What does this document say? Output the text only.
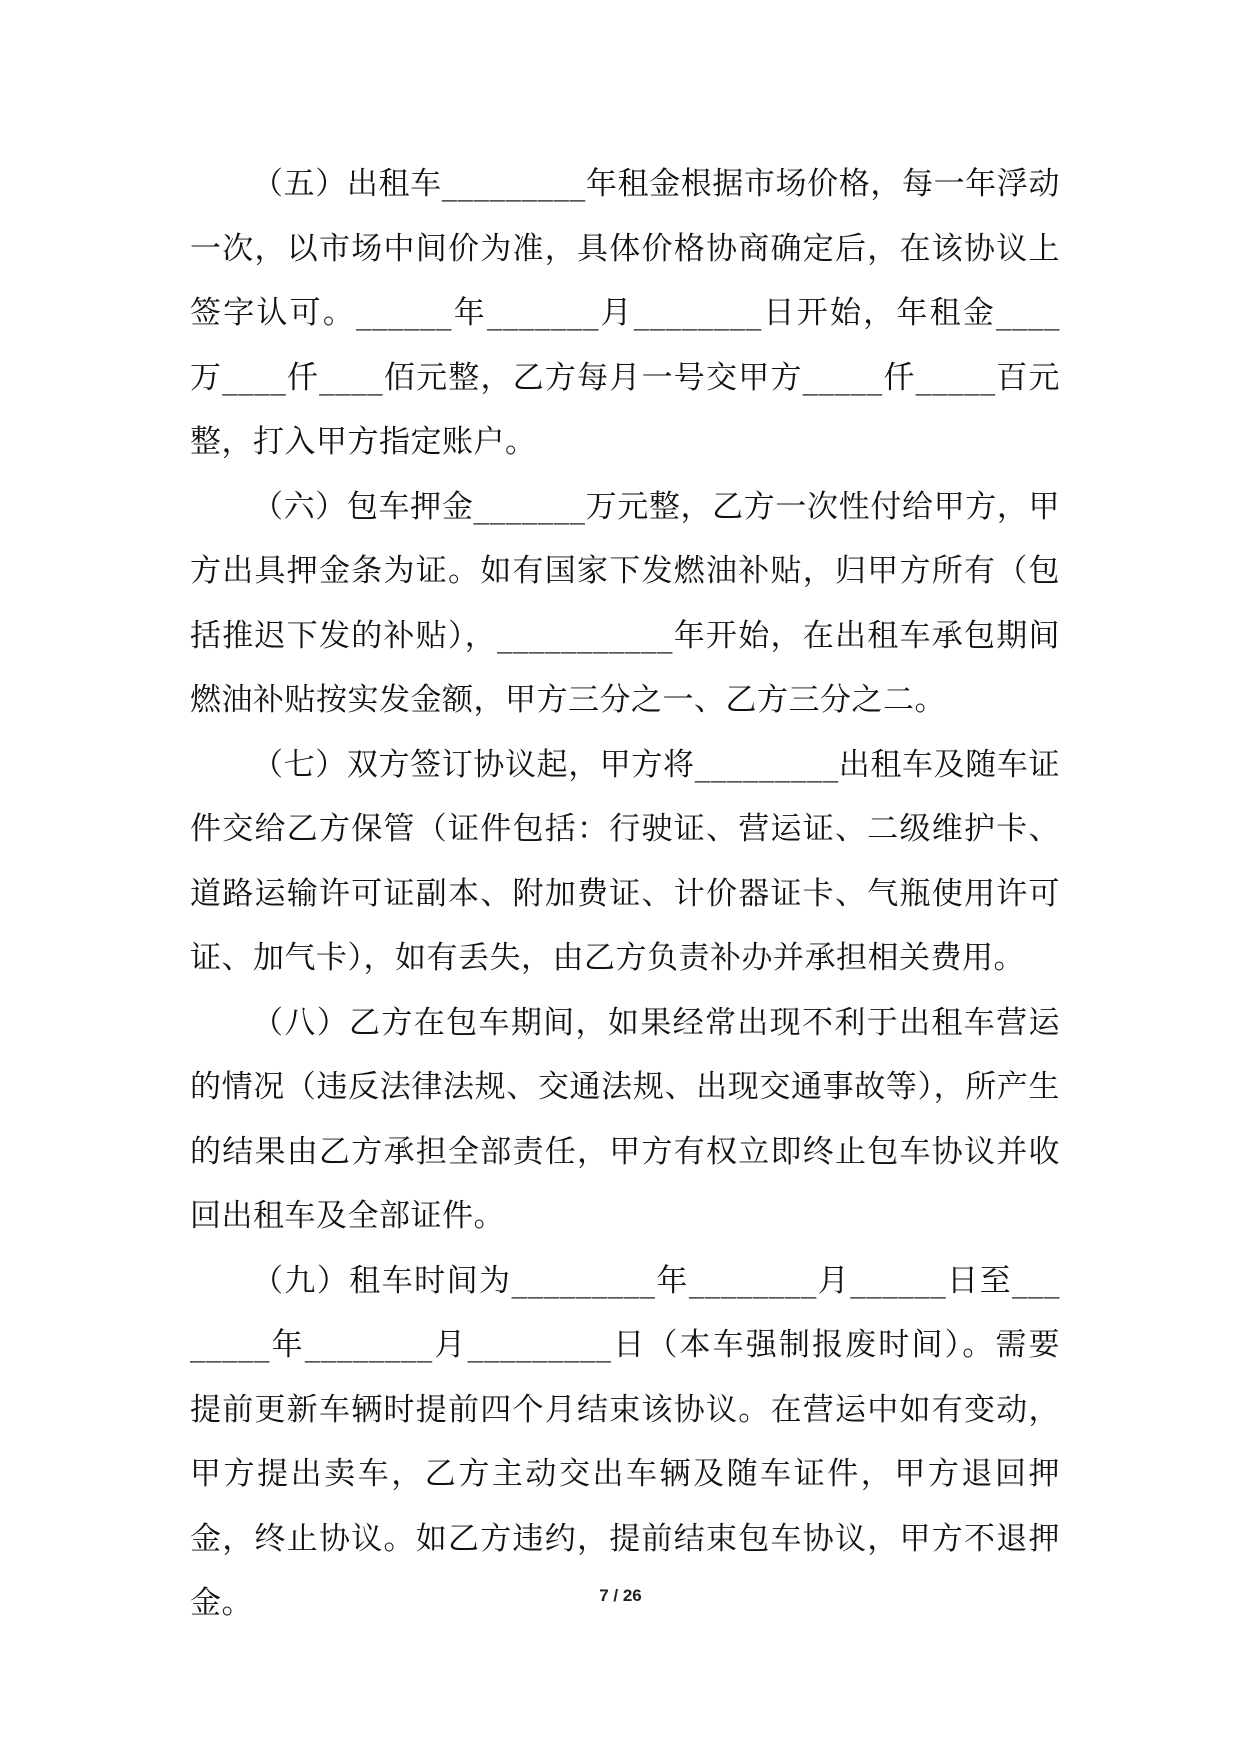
（五）出租车_________年租金根据市场价格，每一年浮动一次，以市场中间价为准，具体价格协商确定后，在该协议上签字认可。______年_______月________日开始，年租金____万____仟____佰元整，乙方每月一号交甲方_____仟_____百元整，打入甲方指定账户。

（六）包车押金_______万元整，乙方一次性付给甲方，甲方出具押金条为证。如有国家下发燃油补贴，归甲方所有（包括推迟下发的补贴），___________年开始，在出租车承包期间燃油补贴按实发金额，甲方三分之一、乙方三分之二。

（七）双方签订协议起，甲方将_________出租车及随车证件交给乙方保管（证件包括：行驶证、营运证、二级维护卡、道路运输许可证副本、附加费证、计价器证卡、气瓶使用许可证、加气卡），如有丢失，由乙方负责补办并承担相关费用。

（八）乙方在包车期间，如果经常出现不利于出租车营运的情况（违反法律法规、交通法规、出现交通事故等），所产生的结果由乙方承担全部责任，甲方有权立即终止包车协议并收回出租车及全部证件。

（九）租车时间为_________年________月______日至________年________月_________日（本车强制报废时间）。需要提前更新车辆时提前四个月结束该协议。在营运中如有变动，甲方提出卖车，乙方主动交出车辆及随车证件，甲方退回押金，终止协议。如乙方违约，提前结束包车协议，甲方不退押金。	7 / 26
